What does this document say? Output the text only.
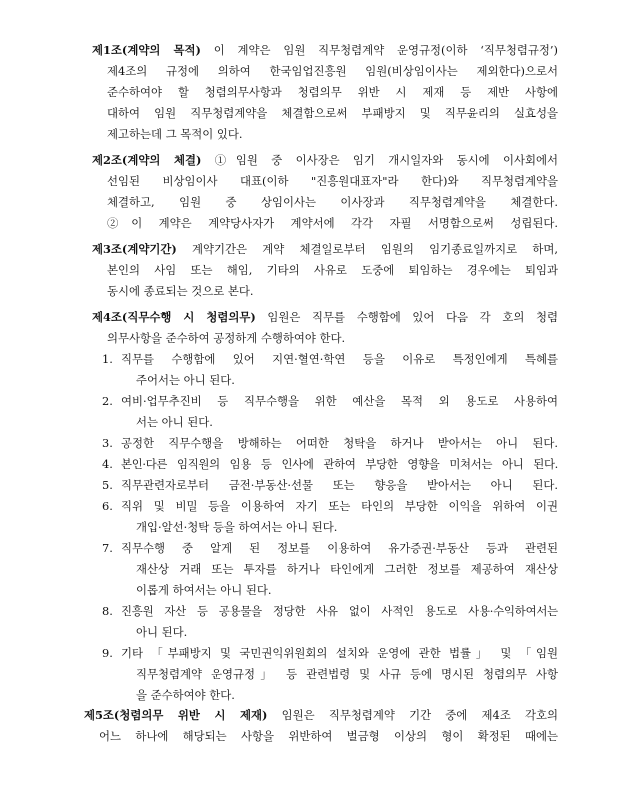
제1조(계약의 목적) 이 계약은 임원 직무청렴계약 운영규정(이하 ‘직무청렴규정’)
제4조의 규정에 의하여 한국임업진흥원 임원(비상임이사는 제외한다)으로서
준수하여야 할 청렴의무사항과 청렴의무 위반 시 제재 등 제반 사항에
대하여 임원 직무청렴계약을 체결함으로써 부패방지 및 직무윤리의 실효성을
제고하는데 그 목적이 있다.
제2조(계약의 체결) ①임원 중 이사장은 임기 개시일자와 동시에 이사회에서
선임된 비상임이사 대표(이하 "진흥원대표자"라 한다)와 직무청렴계약을
체결하고, 임원 중 상임이사는 이사장과 직무청렴계약을 체결한다.
②이 계약은 계약당사자가 계약서에 각각 자필 서명함으로써 성립된다.
제3조(계약기간) 계약기간은 계약 체결일로부터 임원의 임기종료일까지로 하며,
본인의 사임 또는 해임, 기타의 사유로 도중에 퇴임하는 경우에는 퇴임과
동시에 종료되는 것으로 본다.
제4조(직무수행 시 청렴의무) 임원은 직무를 수행함에 있어 다음 각 호의 청렴
의무사항을 준수하여 공정하게 수행하여야 한다.
1. 직무를 수행함에 있어 지연·혈연·학연 등을 이유로 특정인에게 특혜를
주어서는 아니 된다.
2. 여비·업무추진비 등 직무수행을 위한 예산을 목적 외 용도로 사용하여
서는 아니 된다.
3. 공정한 직무수행을 방해하는 어떠한 청탁을 하거나 받아서는 아니 된다.
4. 본인·다른 임직원의 임용 등 인사에 관하여 부당한 영향을 미쳐서는 아니 된다.
5. 직무관련자로부터 금전·부동산·선물 또는 향응을 받아서는 아니 된다.
6. 직위 및 비밀 등을 이용하여 자기 또는 타인의 부당한 이익을 위하여 이권
개입·알선·청탁 등을 하여서는 아니 된다.
7. 직무수행 중 알게 된 정보를 이용하여 유가증권·부동산 등과 관련된
재산상 거래 또는 투자를 하거나 타인에게 그러한 정보를 제공하여 재산상
이롭게 하여서는 아니 된다.
8. 진흥원 자산 등 공용물을 정당한 사유 없이 사적인 용도로 사용·수익하여서는
아니 된다.
9. 기타 「부패방지 및 국민권익위원회의 설치와 운영에 관한 법률」 및 「임원
직무청렴계약 운영규정」 등 관련법령 및 사규 등에 명시된 청렴의무 사항
을 준수하여야 한다.
제5조(청렴의무 위반 시 제재) 임원은 직무청렴계약 기간 중에 제4조 각호의
어느 하나에 해당되는 사항을 위반하여 벌금형 이상의 형이 확정된 때에는
